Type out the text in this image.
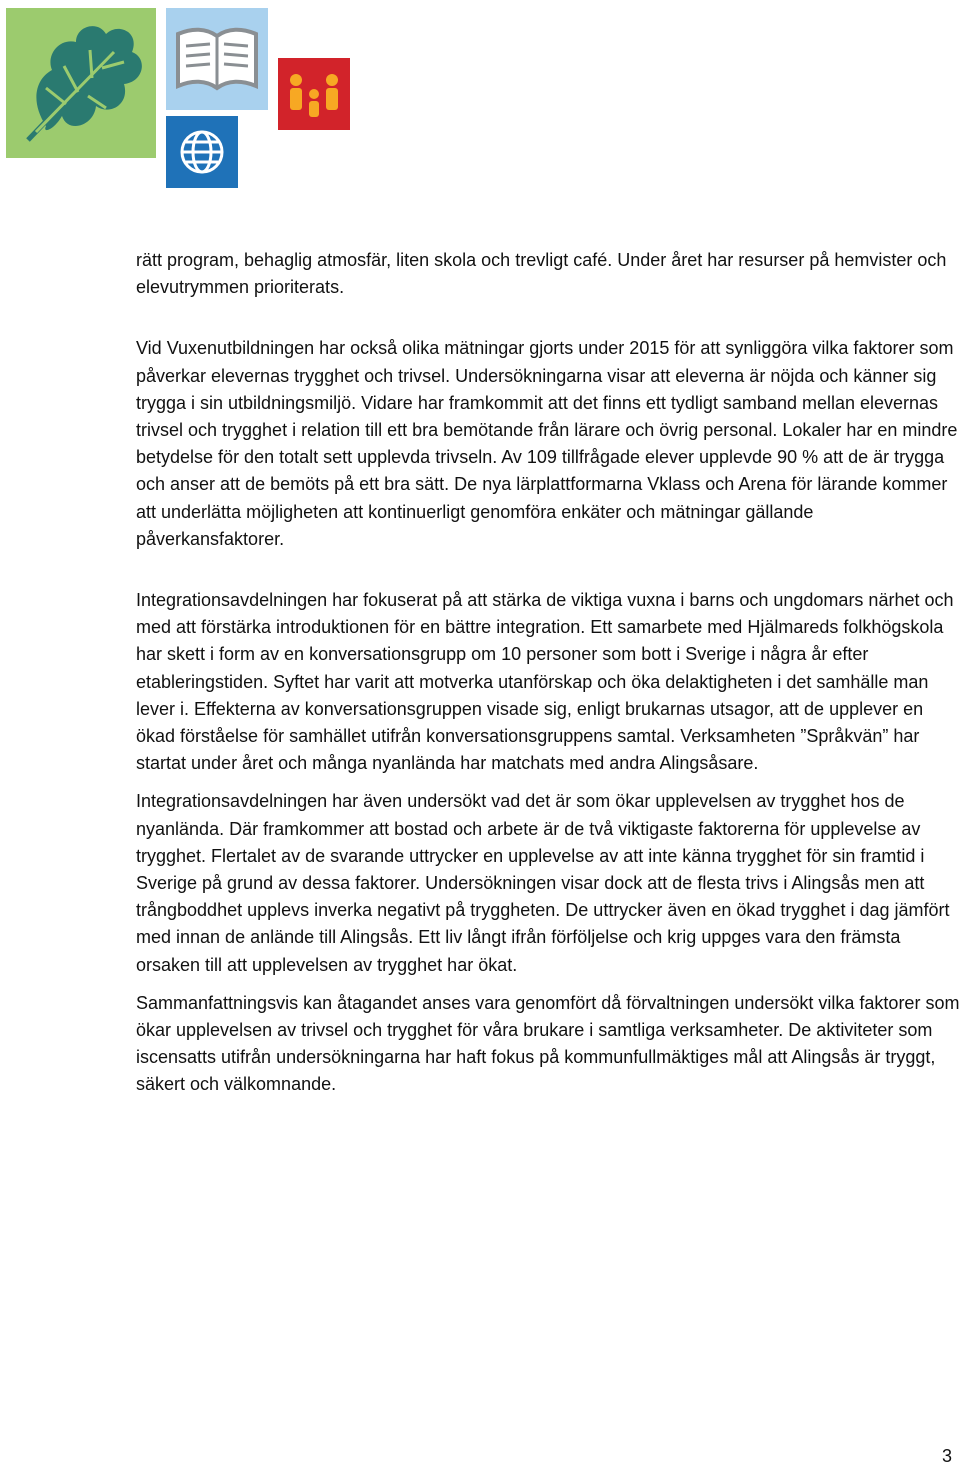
rätt program, behaglig atmosfär, liten skola och trevligt café. Under året har resurser på hemvister och elevutrymmen prioriterats.

Vid Vuxenutbildningen har också olika mätningar gjorts under 2015 för att synliggöra vilka faktorer som påverkar elevernas trygghet och trivsel. Undersökningarna visar att eleverna är nöjda och känner sig trygga i sin utbildningsmiljö. Vidare har framkommit att det finns ett tydligt samband mellan elevernas trivsel och trygghet i relation till ett bra bemötande från lärare och övrig personal. Lokaler har en mindre betydelse för den totalt sett upplevda trivseln. Av 109 tillfrågade elever upplevde 90 % att de är trygga och anser att de bemöts på ett bra sätt. De nya lärplattformarna Vklass och Arena för lärande kommer att underlätta möjligheten att kontinuerligt genomföra enkäter och mätningar gällande påverkansfaktorer.

Integrationsavdelningen har fokuserat på att stärka de viktiga vuxna i barns och ungdomars närhet och med att förstärka introduktionen för en bättre integration. Ett samarbete med Hjälmareds folkhögskola har skett i form av en konversationsgrupp om 10 personer som bott i Sverige i några år efter etableringstiden. Syftet har varit att motverka utanförskap och öka delaktigheten i det samhälle man lever i. Effekterna av konversationsgruppen visade sig, enligt brukarnas utsagor, att de upplever en ökad förståelse för samhället utifrån konversationsgruppens samtal. Verksamheten ”Språkvän” har startat under året och många nyanlända har matchats med andra Alingsåsare.

Integrationsavdelningen har även undersökt vad det är som ökar upplevelsen av trygghet hos de nyanlända. Där framkommer att bostad och arbete är de två viktigaste faktorerna för upplevelse av trygghet. Flertalet av de svarande uttrycker en upplevelse av att inte känna trygghet för sin framtid i Sverige på grund av dessa faktorer. Undersökningen visar dock att de flesta trivs i Alingsås men att trångboddhet upplevs inverka negativt på tryggheten. De uttrycker även en ökad trygghet i dag jämfört med innan de anlände till Alingsås. Ett liv långt ifrån förföljelse och krig uppges vara den främsta orsaken till att upplevelsen av trygghet har ökat.

Sammanfattningsvis kan åtagandet anses vara genomfört då förvaltningen undersökt vilka faktorer som ökar upplevelsen av trivsel och trygghet för våra brukare i samtliga verksamheter. De aktiviteter som iscensatts utifrån undersökningarna har haft fokus på kommunfullmäktiges mål att Alingsås är tryggt, säkert och välkomnande.

3
